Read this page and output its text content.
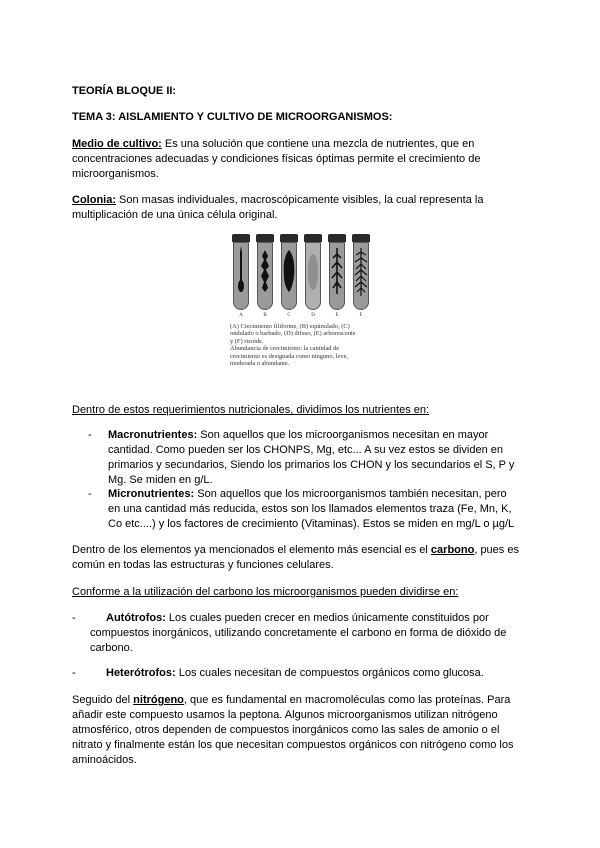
TEORÍA BLOQUE II:
TEMA 3: AISLAMIENTO Y CULTIVO DE MICROORGANISMOS:
Medio de cultivo: Es una solución que contiene una mezcla de nutrientes, que en
concentraciones adecuadas y condiciones físicas óptimas permite el crecimiento de
microorganismos.
Colonia: Son masas individuales, macroscópicamente visibles, la cual representa la
multiplicación de una única célula original.
A	B	C	D	E	F
(A) Crecimiento filiforme, (B) equinulado, (C)
ondulado o barbado, (D) difuso, (E) arborescente
y (F) rizoide.
Abundancia de crecimiento: la cantidad de
crecimiento es designada como ninguno, leve,
moderada o abundante.
Dentro de estos requerimientos nutricionales, dividimos los nutrientes en:
- Macronutrientes: Son aquellos que los microorganismos necesitan en mayor
cantidad. Como pueden ser los CHONPS, Mg, etc... A su vez estos se dividen en
primarios y secundarios, Siendo los primarios los CHON y los secundarios el S, P y
Mg. Se miden en g/L.
- Micronutrientes: Son aquellos que los microorganismos también necesitan, pero
en una cantidad más reducida, estos son los llamados elementos traza (Fe, Mn, K,
Co etc....) y los factores de crecimiento (Vitaminas). Estos se miden en mg/L o µg/L
Dentro de los elementos ya mencionados el elemento más esencial es el carbono, pues es
común en todas las estructuras y funciones celulares.
Conforme a la utilización del carbono los microorganismos pueden dividirse en:
-	Autótrofos: Los cuales pueden crecer en medios únicamente constituidos por
compuestos inorgánicos, utilizando concretamente el carbono en forma de dióxido de
carbono.
-	Heterótrofos: Los cuales necesitan de compuestos orgánicos como glucosa.
Seguido del nitrógeno, que es fundamental en macromoléculas como las proteínas. Para
añadir este compuesto usamos la peptona. Algunos microorganismos utilizan nitrógeno
atmosférico, otros dependen de compuestos inorgánicos como las sales de amonio o el
nitrato y finalmente están los que necesitan compuestos orgánicos con nitrógeno como los
aminoácidos.
